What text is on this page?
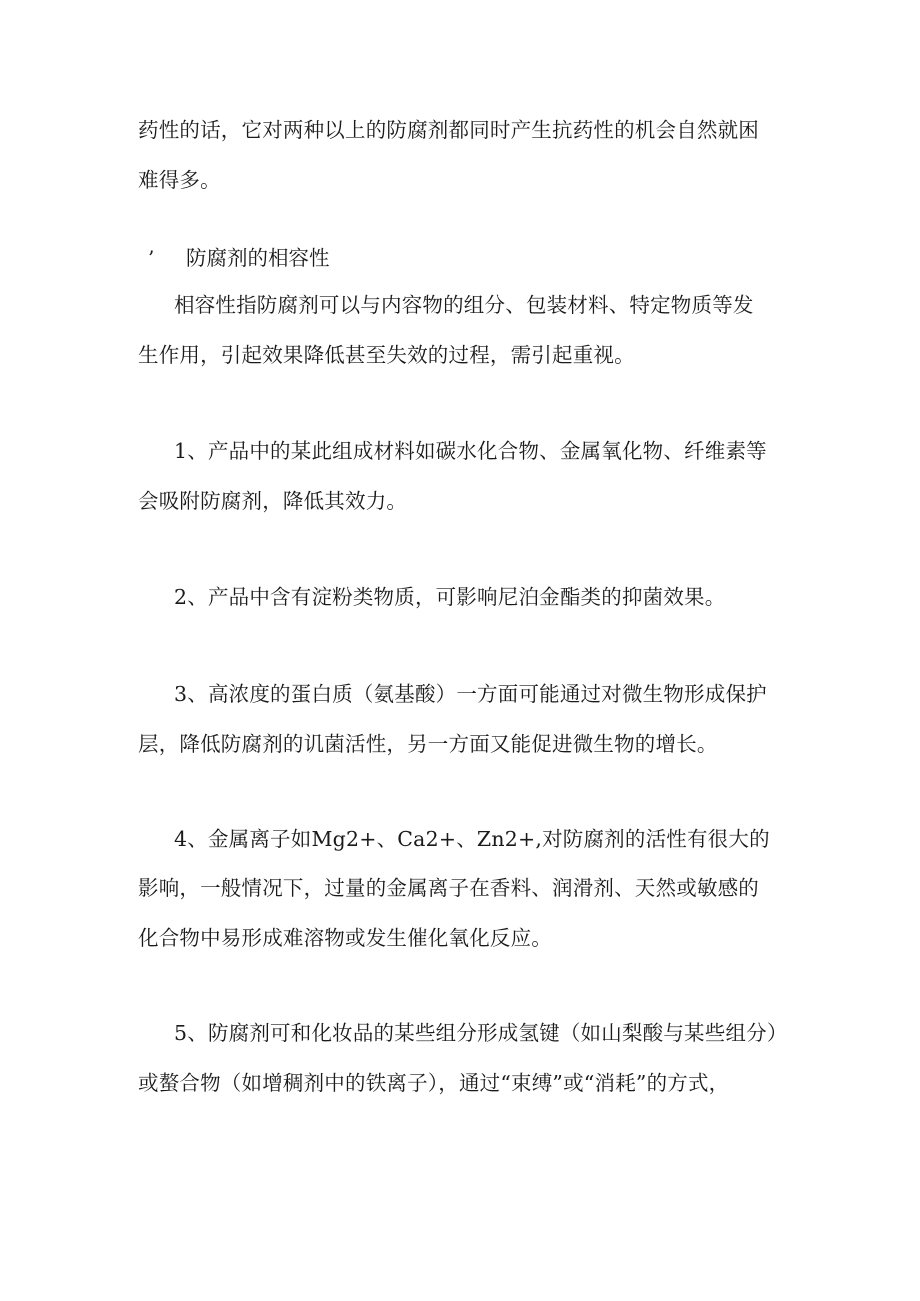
药性的话，它对两种以上的防腐剂都同时产生抗药性的机会自然就困
难得多。
’ 防腐剂的相容性
相容性指防腐剂可以与内容物的组分、包装材料、特定物质等发
生作用，引起效果降低甚至失效的过程，需引起重视。
1、产品中的某此组成材料如碳水化合物、金属氧化物、纤维素等
会吸附防腐剂，降低其效力。
2、产品中含有淀粉类物质，可影响尼泊金酯类的抑菌效果。
3、高浓度的蛋白质（氨基酸）一方面可能通过对微生物形成保护
层，降低防腐剂的讥菌活性，另一方面又能促进微生物的增长。
4、金属离子如Mg2+、Ca2+、Zn2+,对防腐剂的活性有很大的
影响，一般情况下，过量的金属离子在香料、润滑剂、天然或敏感的
化合物中易形成难溶物或发生催化氧化反应。
5、防腐剂可和化妆品的某些组分形成氢键（如山梨酸与某些组分）
或螯合物（如增稠剂中的铁离子），通过“束缚”或“消耗”的方式，
